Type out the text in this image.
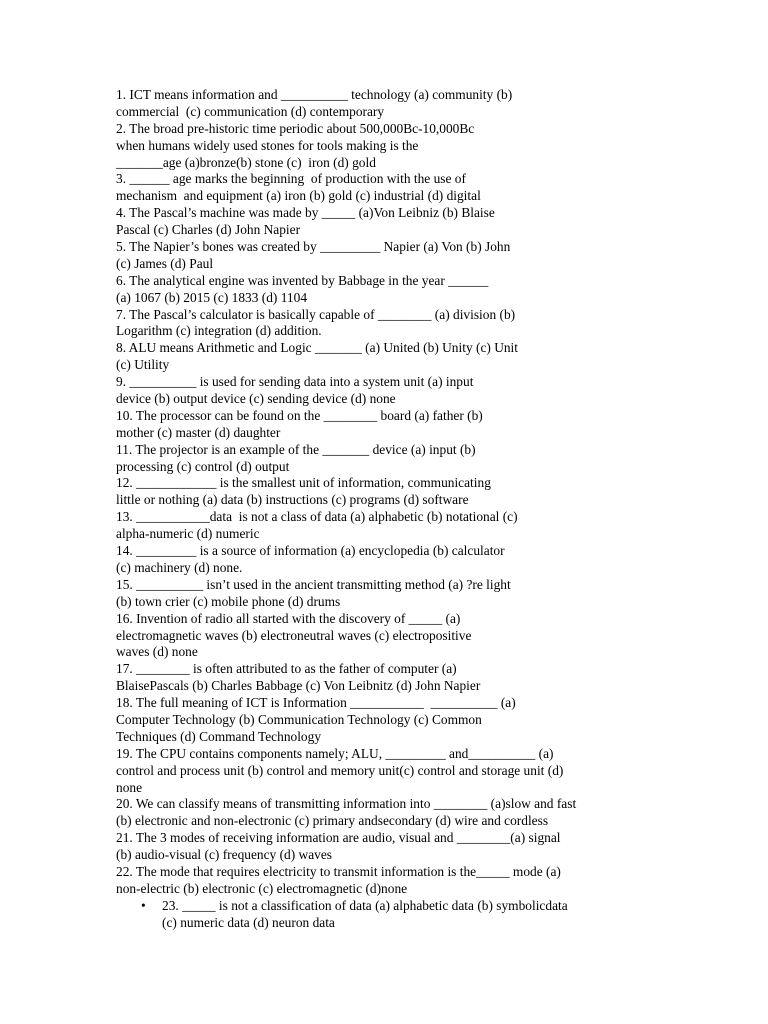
1. ICT means information and __________ technology (a) community (b)
commercial  (c) communication (d) contemporary
2. The broad pre-historic time periodic about 500,000Bc-10,000Bc
when humans widely used stones for tools making is the
_______age (a)bronze(b) stone (c)  iron (d) gold
3. ______ age marks the beginning  of production with the use of
mechanism  and equipment (a) iron (b) gold (c) industrial (d) digital
4. The Pascal’s machine was made by _____ (a)Von Leibniz (b) Blaise
Pascal (c) Charles (d) John Napier
5. The Napier’s bones was created by _________ Napier (a) Von (b) John
(c) James (d) Paul
6. The analytical engine was invented by Babbage in the year ______
(a) 1067 (b) 2015 (c) 1833 (d) 1104
7. The Pascal’s calculator is basically capable of ________ (a) division (b)
Logarithm (c) integration (d) addition.
8. ALU means Arithmetic and Logic _______ (a) United (b) Unity (c) Unit
(c) Utility
9. __________ is used for sending data into a system unit (a) input
device (b) output device (c) sending device (d) none
10. The processor can be found on the ________ board (a) father (b)
mother (c) master (d) daughter
11. The projector is an example of the _______ device (a) input (b)
processing (c) control (d) output
12. ____________ is the smallest unit of information, communicating
little or nothing (a) data (b) instructions (c) programs (d) software
13. ___________data  is not a class of data (a) alphabetic (b) notational (c)
alpha-numeric (d) numeric
14. _________ is a source of information (a) encyclopedia (b) calculator
(c) machinery (d) none.
15. __________ isn’t used in the ancient transmitting method (a) ?re light
(b) town crier (c) mobile phone (d) drums
16. Invention of radio all started with the discovery of _____ (a)
electromagnetic waves (b) electroneutral waves (c) electropositive
waves (d) none
17. ________ is often attributed to as the father of computer (a)
BlaisePascals (b) Charles Babbage (c) Von Leibnitz (d) John Napier
18. The full meaning of ICT is Information ___________  __________ (a)
Computer Technology (b) Communication Technology (c) Common
Techniques (d) Command Technology
19. The CPU contains components namely; ALU, _________ and__________ (a)
control and process unit (b) control and memory unit(c) control and storage unit (d)
none
20. We can classify means of transmitting information into ________ (a)slow and fast
(b) electronic and non-electronic (c) primary andsecondary (d) wire and cordless
21. The 3 modes of receiving information are audio, visual and ________(a) signal
(b) audio-visual (c) frequency (d) waves
22. The mode that requires electricity to transmit information is the_____ mode (a)
non-electric (b) electronic (c) electromagnetic (d)none
• 23. _____ is not a classification of data (a) alphabetic data (b) symbolicdata
(c) numeric data (d) neuron data
